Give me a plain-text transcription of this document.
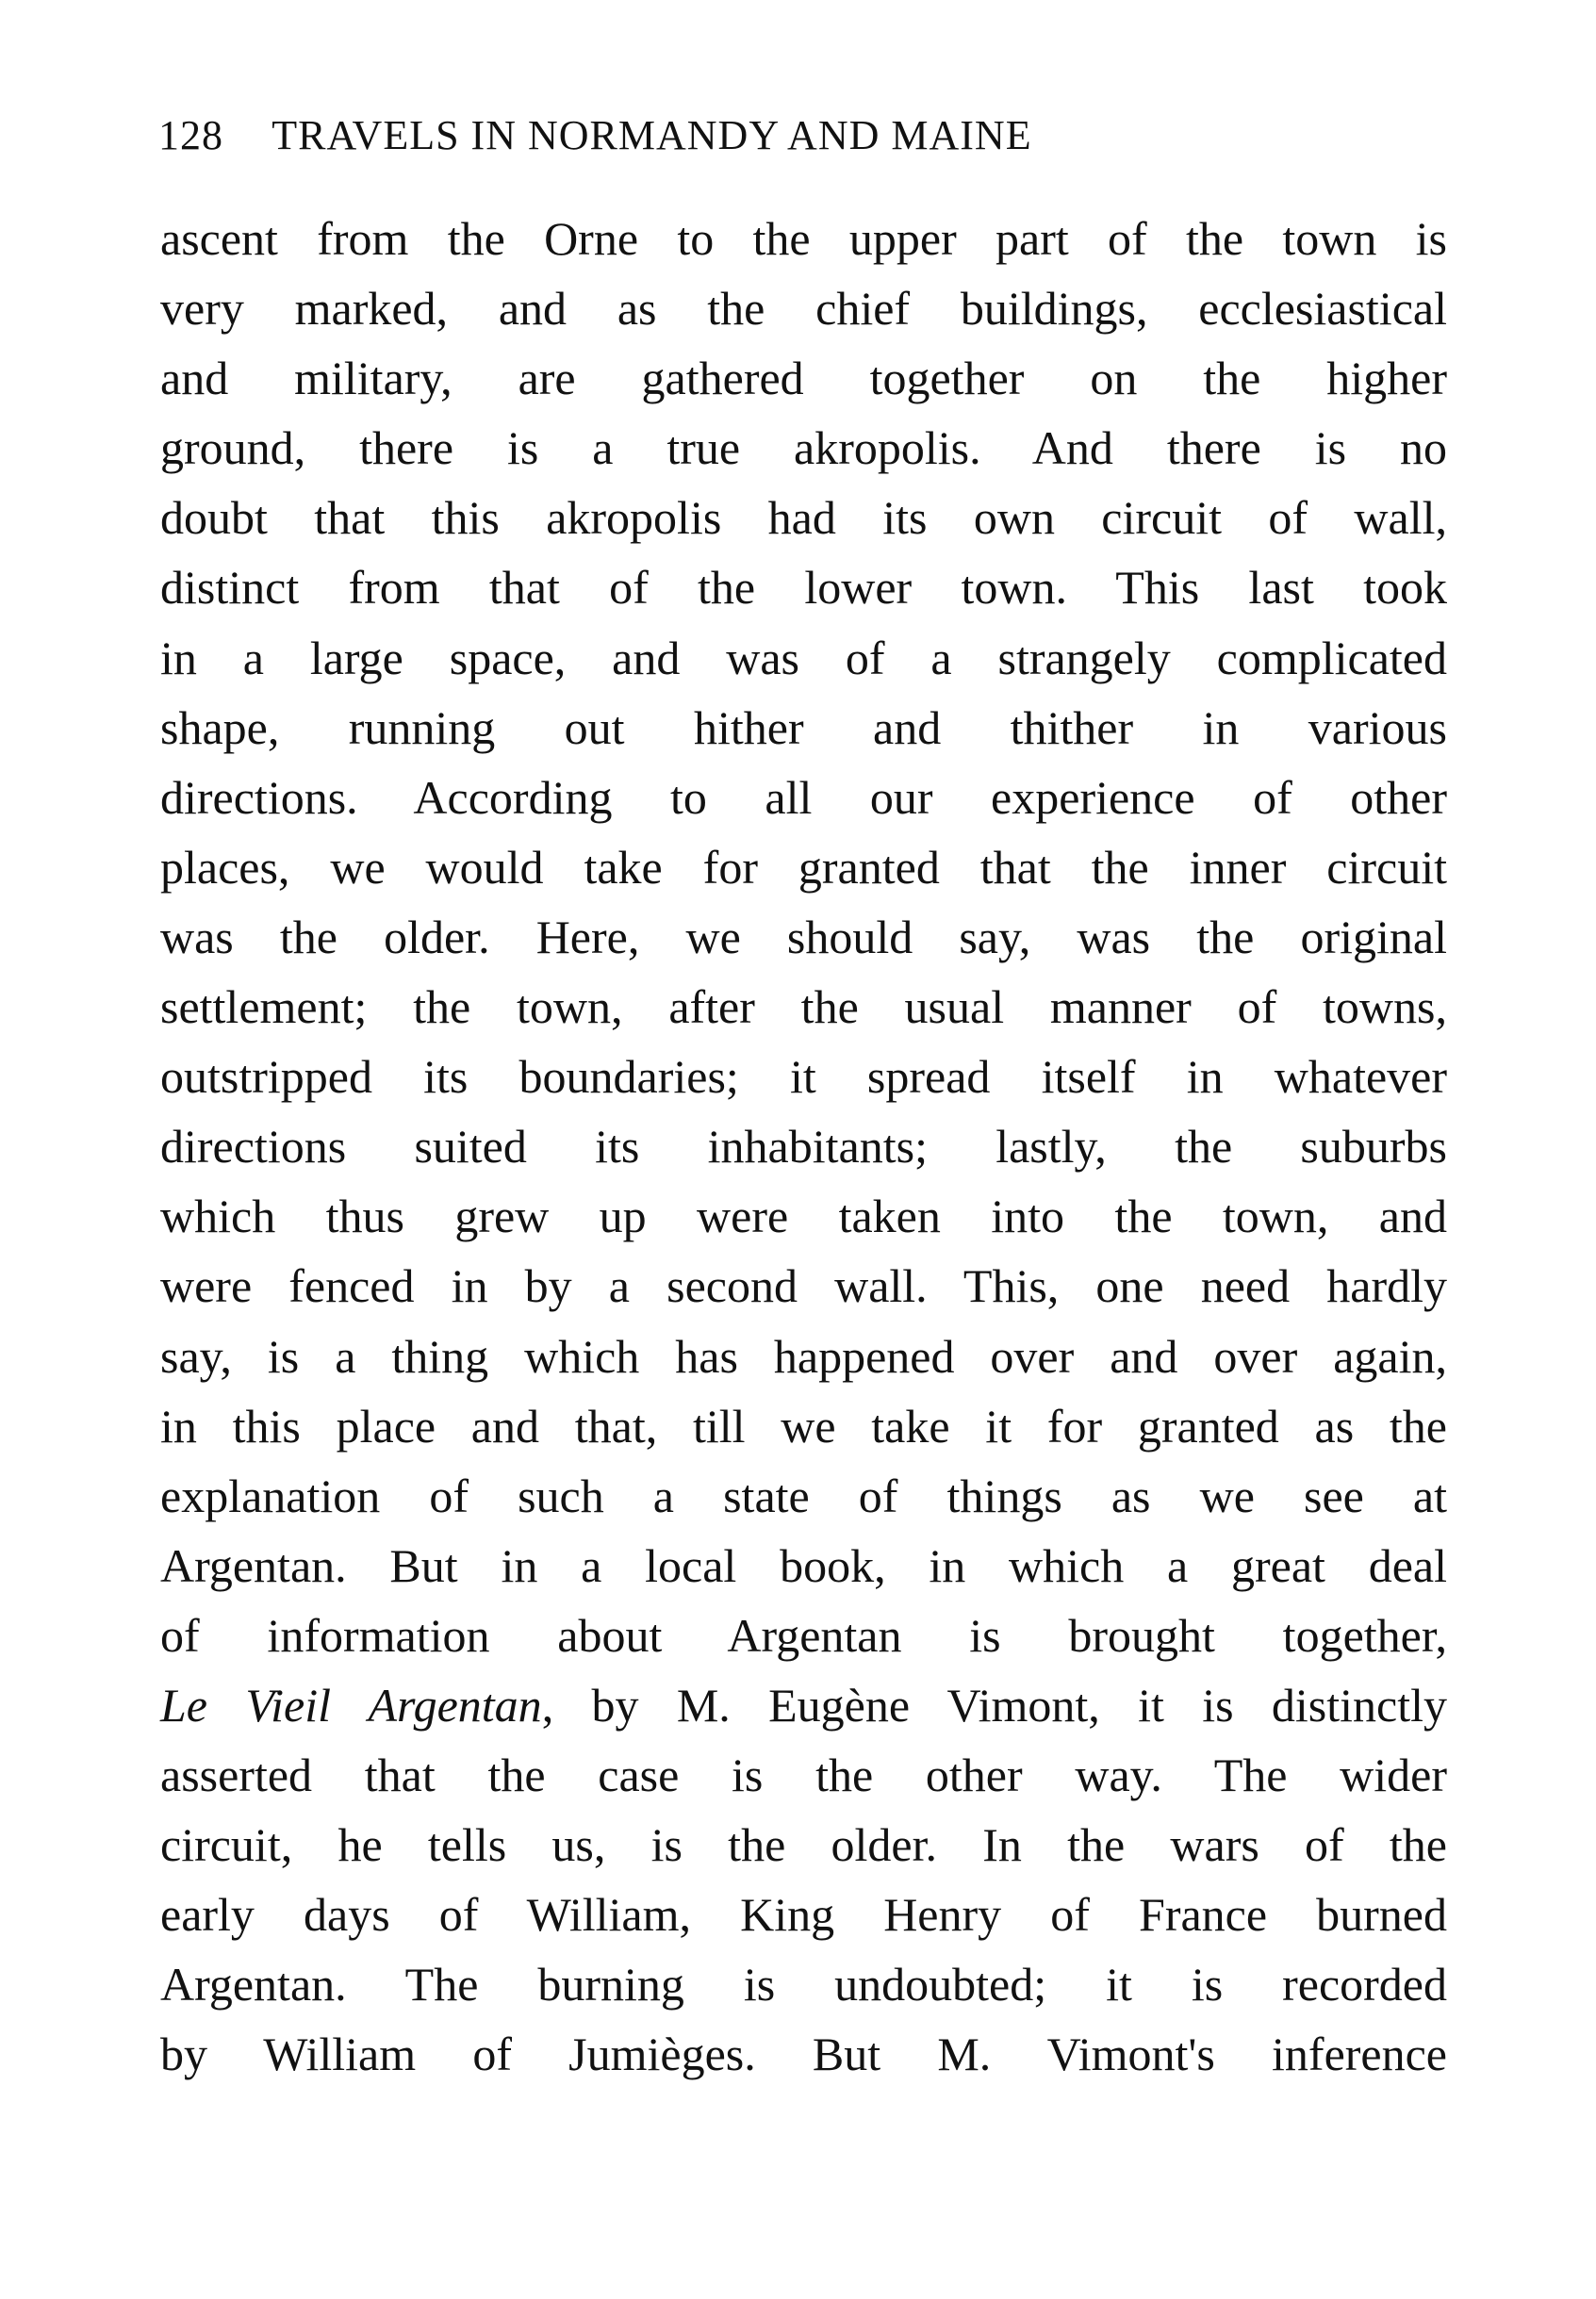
128 TRAVELS IN NORMANDY AND MAINE
ascent from the Orne to the upper part of the town is
very marked, and as the chief buildings, ecclesiastical
and military, are gathered together on the higher
ground, there is a true akropolis. And there is no
doubt that this akropolis had its own circuit of wall,
distinct from that of the lower town. This last took
in a large space, and was of a strangely complicated
shape, running out hither and thither in various
directions. According to all our experience of other
places, we would take for granted that the inner circuit
was the older. Here, we should say, was the original
settlement; the town, after the usual manner of towns,
outstripped its boundaries; it spread itself in whatever
directions suited its inhabitants; lastly, the suburbs
which thus grew up were taken into the town, and
were fenced in by a second wall. This, one need hardly
say, is a thing which has happened over and over again,
in this place and that, till we take it for granted as the
explanation of such a state of things as we see at
Argentan. But in a local book, in which a great deal
of information about Argentan is brought together,
Le Vieil Argentan, by M. Eugène Vimont, it is distinctly
asserted that the case is the other way. The wider
circuit, he tells us, is the older. In the wars of the
early days of William, King Henry of France burned
Argentan. The burning is undoubted; it is recorded
by William of Jumièges. But M. Vimont's inference
